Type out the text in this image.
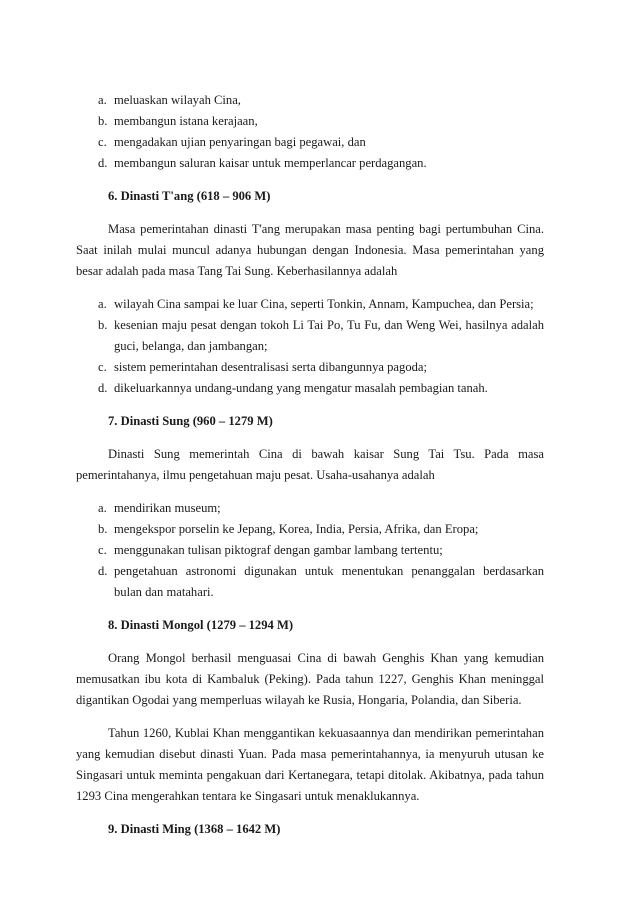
a. meluaskan wilayah Cina,
b. membangun istana kerajaan,
c. mengadakan ujian penyaringan bagi pegawai, dan
d. membangun saluran kaisar untuk memperlancar perdagangan.
6. Dinasti T'ang (618 – 906 M)

Masa pemerintahan dinasti T'ang merupakan masa penting bagi pertumbuhan Cina. Saat inilah mulai muncul adanya hubungan dengan Indonesia. Masa pemerintahan yang besar adalah pada masa Tang Tai Sung. Keberhasilannya adalah

a. wilayah Cina sampai ke luar Cina, seperti Tonkin, Annam, Kampuchea, dan Persia;
b. kesenian maju pesat dengan tokoh Li Tai Po, Tu Fu, dan Weng Wei, hasilnya adalah guci, belanga, dan jambangan;
c. sistem pemerintahan desentralisasi serta dibangunnya pagoda;
d. dikeluarkannya undang-undang yang mengatur masalah pembagian tanah.
7. Dinasti Sung (960 – 1279 M)

Dinasti Sung memerintah Cina di bawah kaisar Sung Tai Tsu. Pada masa pemerintahanya, ilmu pengetahuan maju pesat. Usaha-usahanya adalah

a. mendirikan museum;
b. mengekspor porselin ke Jepang, Korea, India, Persia, Afrika, dan Eropa;
c. menggunakan tulisan piktograf dengan gambar lambang tertentu;
d. pengetahuan astronomi digunakan untuk menentukan penanggalan berdasarkan bulan dan matahari.
8. Dinasti Mongol (1279 – 1294 M)

Orang Mongol berhasil menguasai Cina di bawah Genghis Khan yang kemudian memusatkan ibu kota di Kambaluk (Peking). Pada tahun 1227, Genghis Khan meninggal digantikan Ogodai yang memperluas wilayah ke Rusia, Hongaria, Polandia, dan Siberia.

Tahun 1260, Kublai Khan menggantikan kekuasaannya dan mendirikan pemerintahan yang kemudian disebut dinasti Yuan. Pada masa pemerintahannya, ia menyuruh utusan ke Singasari untuk meminta pengakuan dari Kertanegara, tetapi ditolak. Akibatnya, pada tahun 1293 Cina mengerahkan tentara ke Singasari untuk menaklukannya.

9. Dinasti Ming (1368 – 1642 M)
